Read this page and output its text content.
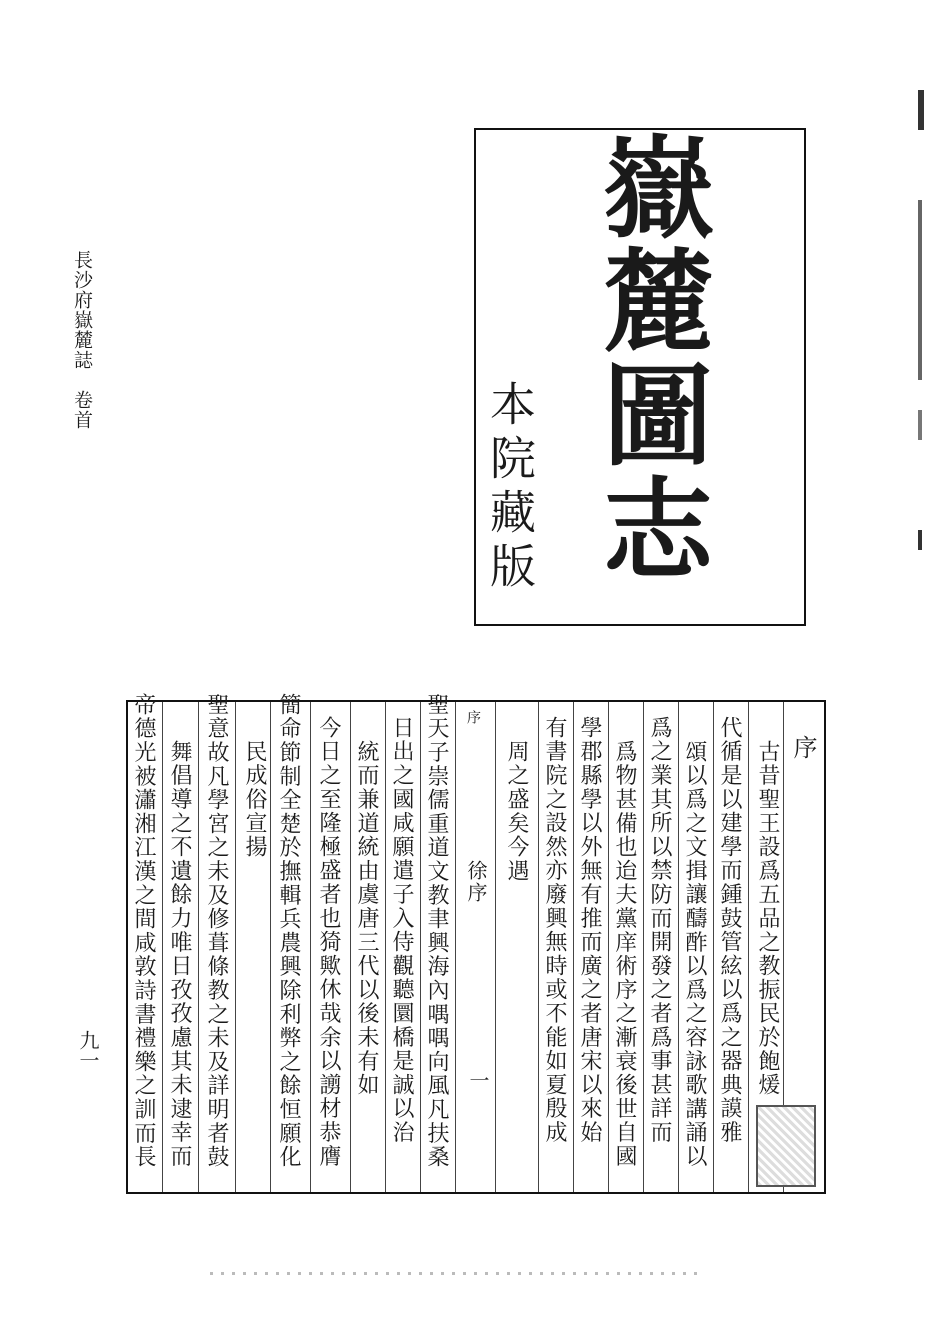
長沙府嶽麓誌　卷首
九一
嶽麓圖志
本院藏版
序
古昔聖王設爲五品之教振民於飽煖
代循是以建學而鍾鼓管絃以爲之器典謨雅
頌以爲之文揖讓醻酢以爲之容詠歌講誦以
爲之業其所以禁防而開發之者爲事甚詳而
爲物甚備也迨夫黨庠術序之漸衰後世自國
學郡縣學以外無有推而廣之者唐宋以來始
有書院之設然亦廢興無時或不能如夏殷成
周之盛矣今遇
序
徐序
一
聖天子崇儒重道文教聿興海內喁喁向風凡扶桑
日出之國咸願遣子入侍觀聽圜橋是誠以治
統而兼道統由虞唐三代以後未有如
今日之至隆極盛者也猗歟休哉余以謭材恭膺
簡命節制全楚於撫輯兵農興除利弊之餘恒願化
民成俗宣揚
聖意故凡學宮之未及修葺條教之未及詳明者鼓
舞倡導之不遺餘力唯日孜孜慮其未逮幸而
帝德光被瀟湘江漢之間咸敦詩書禮樂之訓而長
